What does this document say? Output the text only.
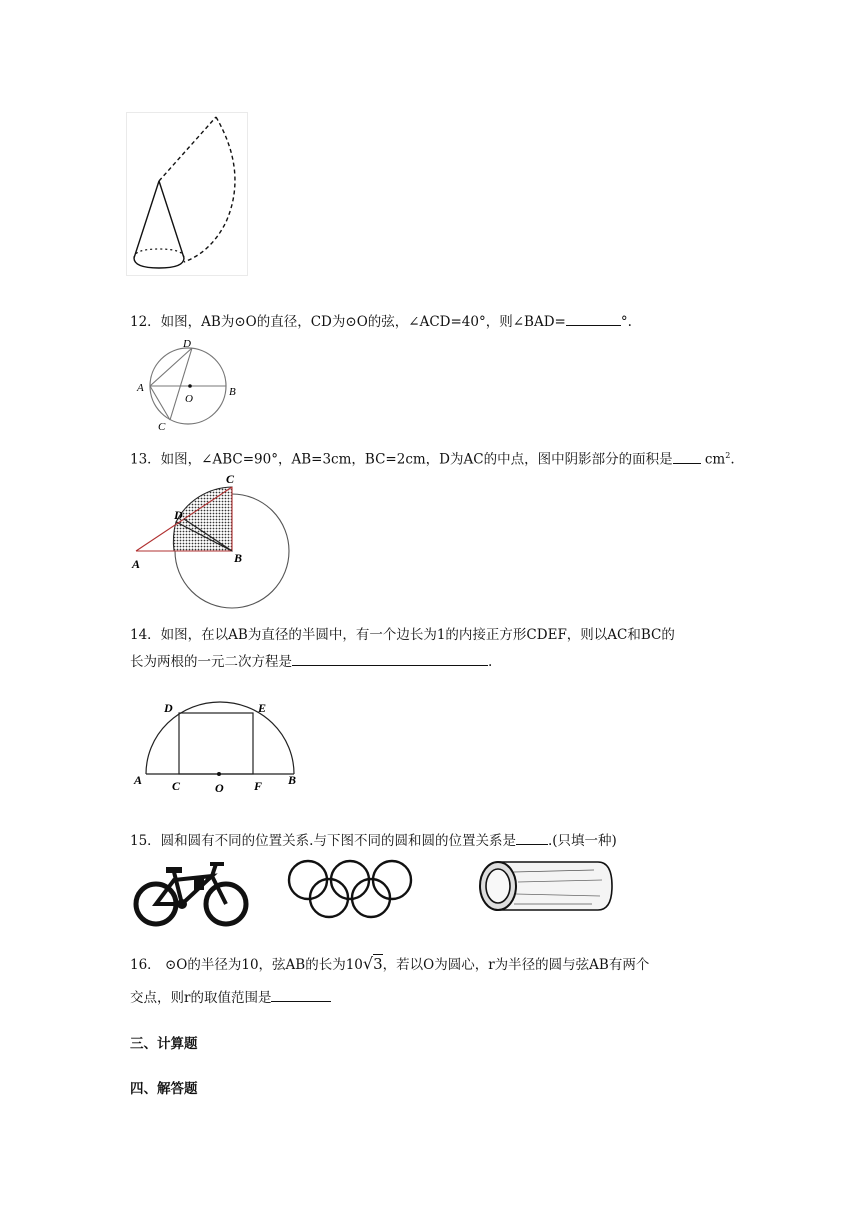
12．如图，AB为⊙O的直径，CD为⊙O的弦，∠ACD=40°，则∠BAD=	°.
D
A
O
B
C
13．如图，∠ABC=90°，AB=3cm，BC=2cm，D为AC的中点，图中阴影部分的面积是 $cm^2$.
C
D
B
A
14．如图，在以AB为直径的半圆中，有一个边长为1的内接正方形CDEF，则以AC和BC的
长为两根的一元二次方程是	.
D	E
A C	O	F B
15．圆和圆有不同的位置关系.与下图不同的圆和圆的位置关系是 .(只填一种)
16． ⊙O的半径为10，弦AB的长为10√3，若以O为圆心，r为半径的圆与弦AB有两个
交点，则r的取值范围是
三、计算题
四、解答题
